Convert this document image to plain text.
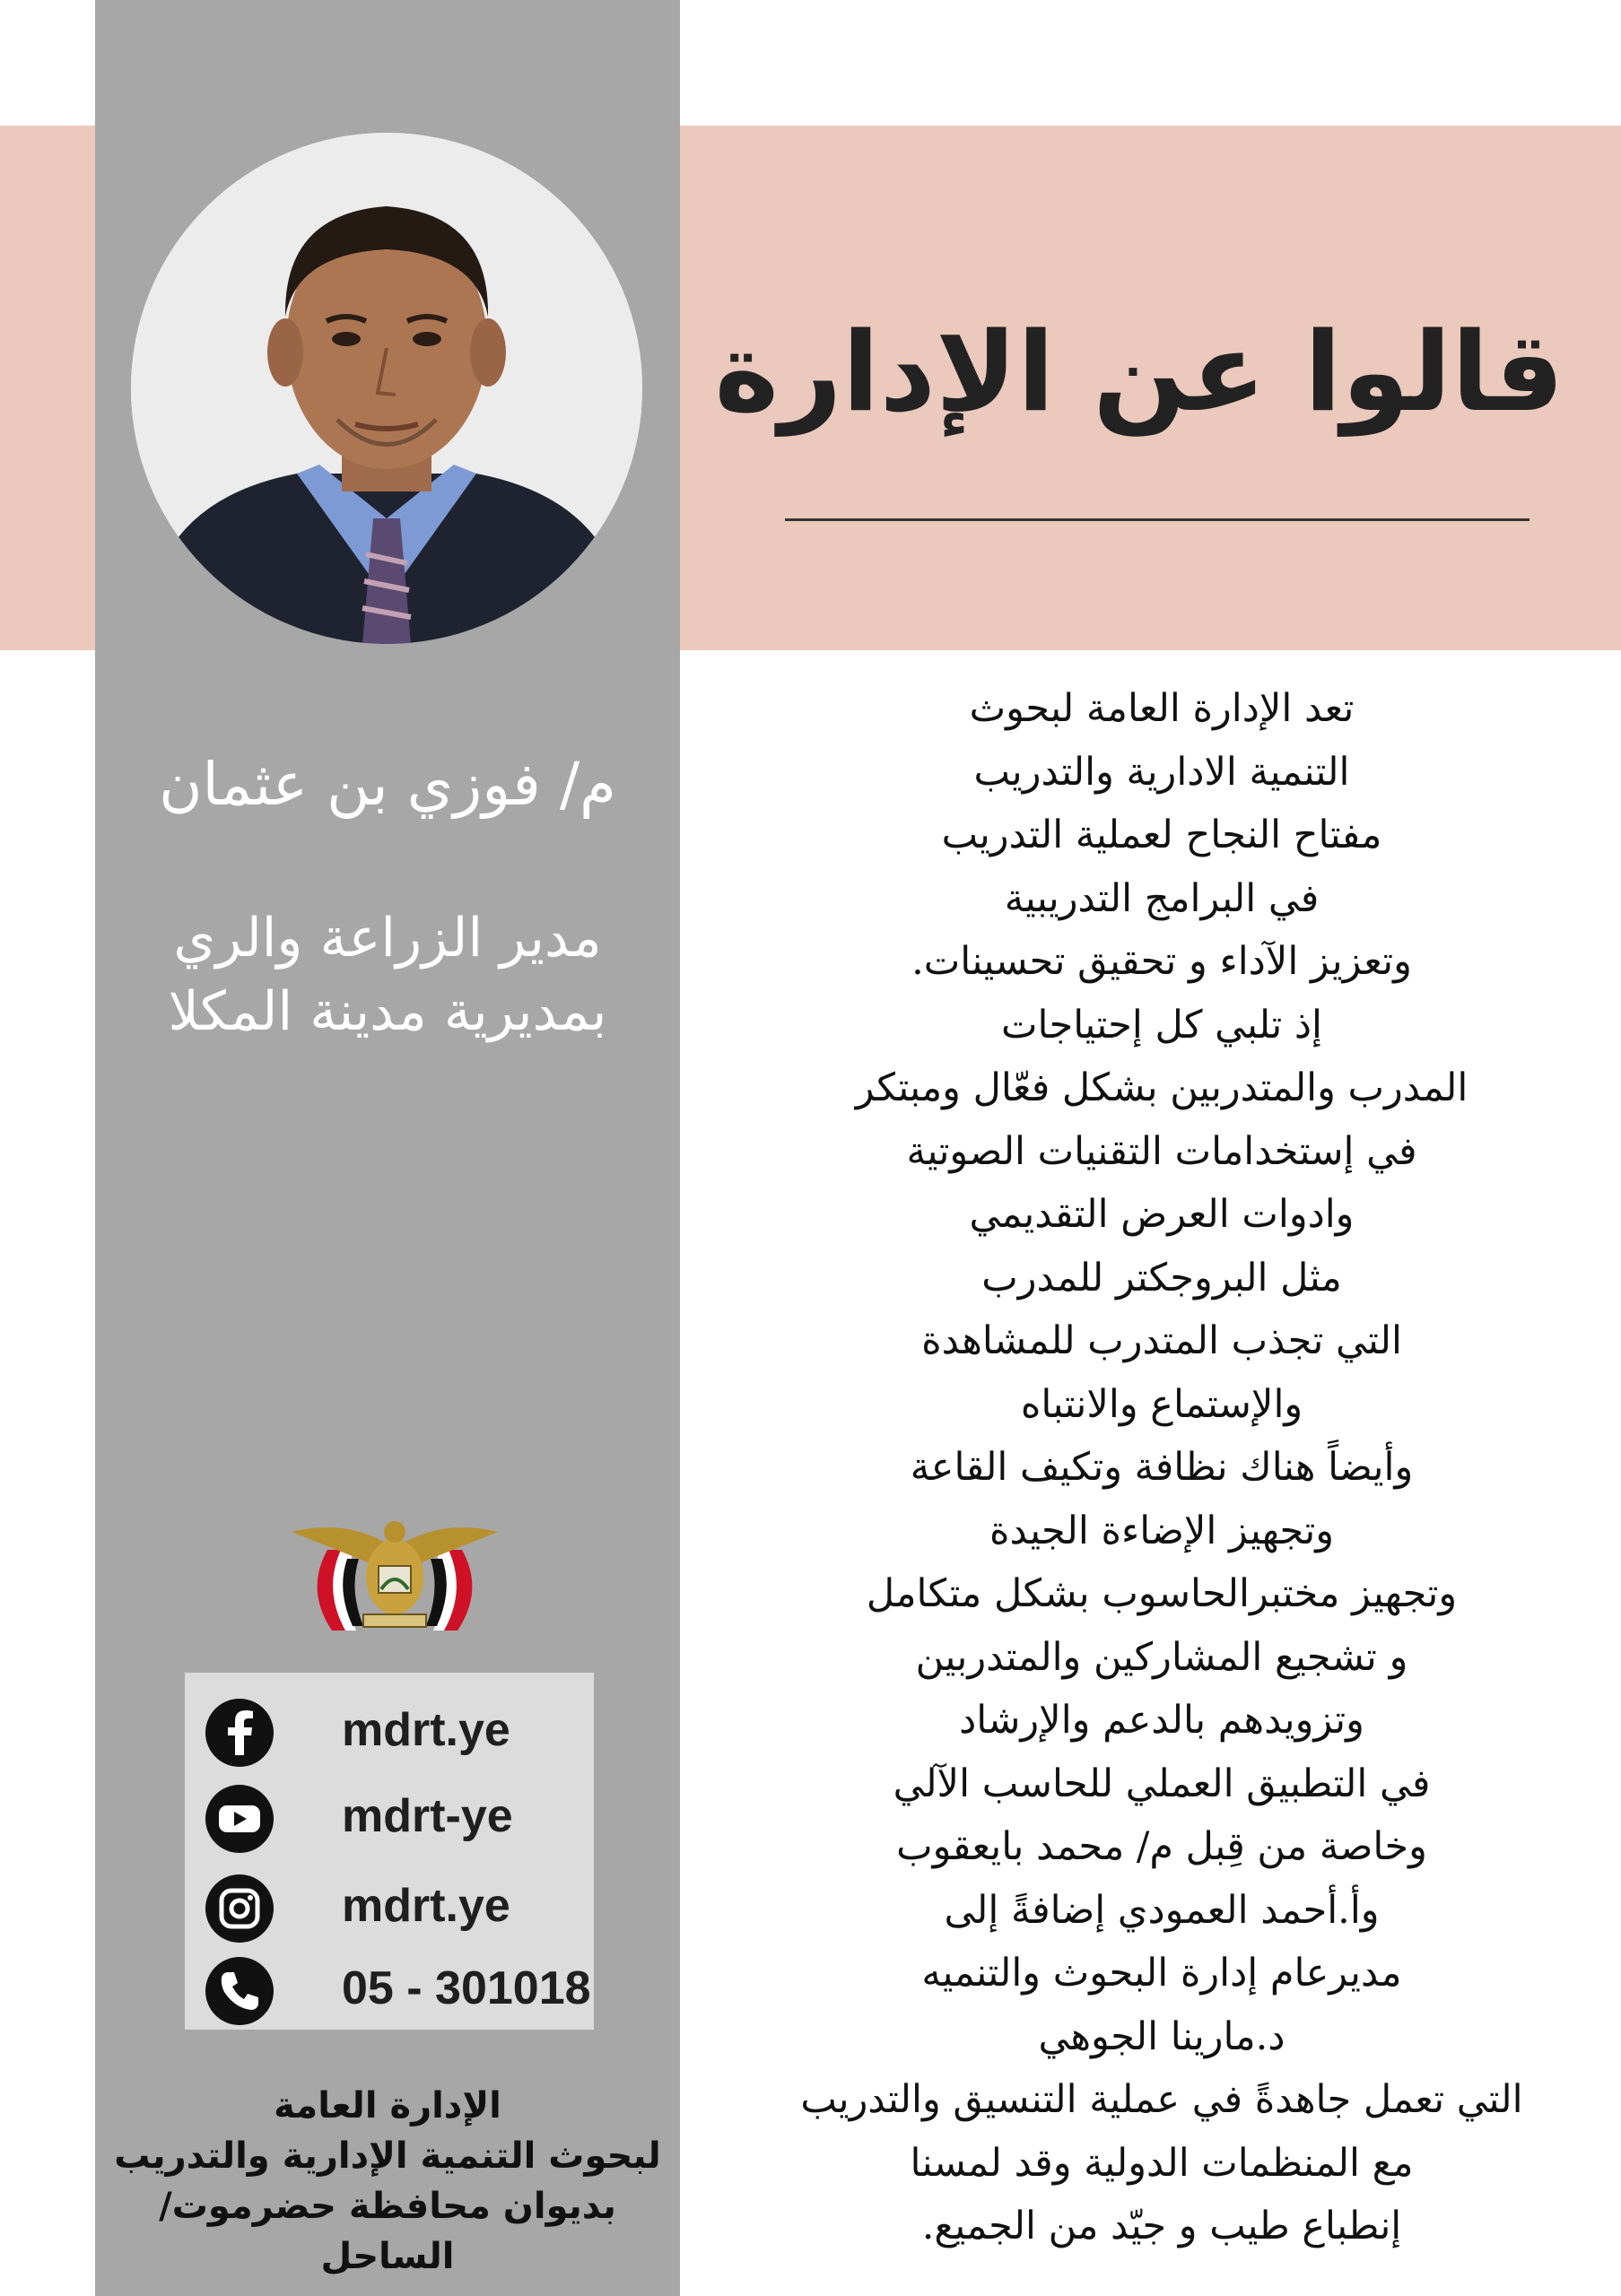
قالوا عن الإدارة
م/ فوزي بن عثمان
مدير الزراعة والري
بمديرية مدينة المكلا
mdrt.ye
mdrt-ye
mdrt.ye
05 - 301018
الإدارة العامة
لبحوث التنمية الإدارية والتدريب
بديوان محافظة حضرموت/الساحل
تعد الإدارة العامة لبحوث
التنمية الادارية والتدريب
مفتاح النجاح لعملية التدريب
في البرامج التدريبية
وتعزيز الآداء و تحقيق تحسينات.
إذ تلبي كل إحتياجات
المدرب والمتدربين بشكل فعّال ومبتكر
في إستخدامات التقنيات الصوتية
وادوات العرض التقديمي
مثل البروجكتر للمدرب
التي تجذب المتدرب للمشاهدة
والإستماع والانتباه
وأيضاً هناك نظافة وتكيف القاعة
وتجهيز الإضاءة الجيدة
وتجهيز مختبرالحاسوب بشكل متكامل
و تشجيع المشاركين والمتدربين
وتزويدهم بالدعم والإرشاد
في التطبيق العملي للحاسب الآلي
وخاصة من قِبل م/ محمد بايعقوب
وأ.أحمد العمودي إضافةً إلى
مديرعام إدارة البحوث والتنميه
د.مارينا الجوهي
التي تعمل جاهدةً في عملية التنسيق والتدريب
مع المنظمات الدولية وقد لمسنا
إنطباع طيب و جيّد من الجميع.
